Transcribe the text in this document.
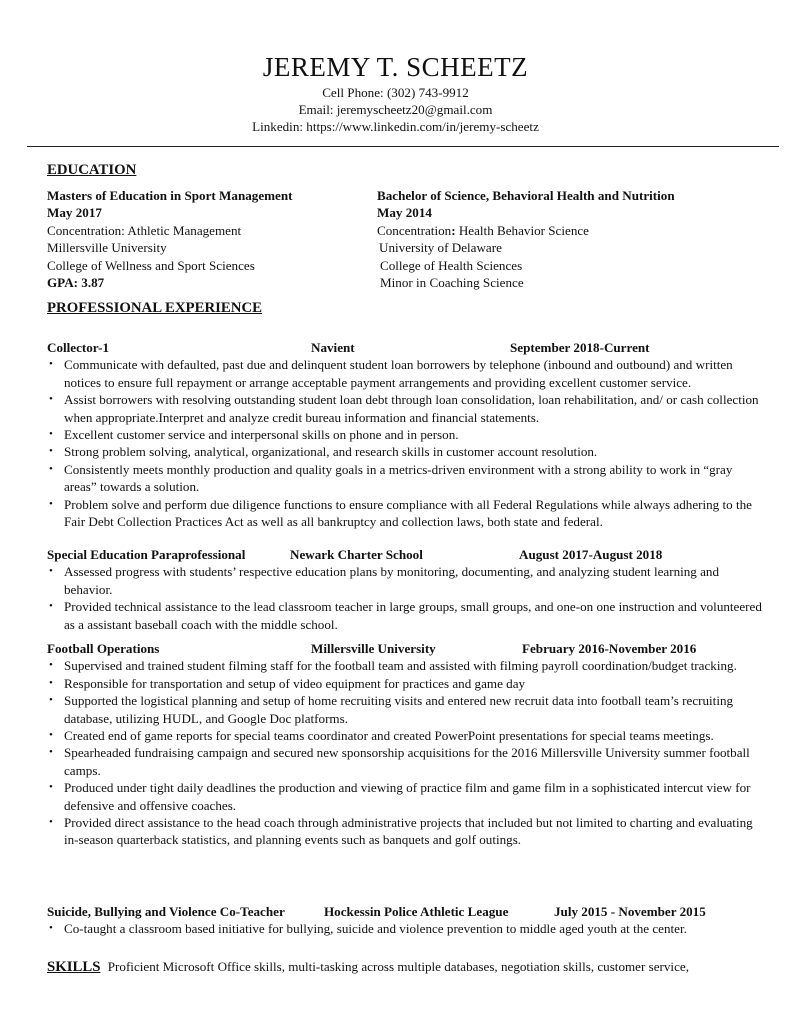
JEREMY T. SCHEETZ
Cell Phone: (302) 743-9912
Email: jeremyscheetz20@gmail.com
Linkedin: https://www.linkedin.com/in/jeremy-scheetz
EDUCATION
Masters of Education in Sport Management
May 2017
Concentration: Athletic Management
Millersville University
College of Wellness and Sport Sciences
GPA: 3.87
Bachelor of Science, Behavioral Health and Nutrition
May 2014
Concentration: Health Behavior Science
University of Delaware
College of Health Sciences
Minor in Coaching Science
PROFESSIONAL EXPERIENCE
Collector-1	Navient	September 2018-Current
• Communicate with defaulted, past due and delinquent student loan borrowers by telephone (inbound and outbound) and written notices to ensure full repayment or arrange acceptable payment arrangements and providing excellent customer service.
• Assist borrowers with resolving outstanding student loan debt through loan consolidation, loan rehabilitation, and/ or cash collection when appropriate.Interpret and analyze credit bureau information and financial statements.
• Excellent customer service and interpersonal skills on phone and in person.
• Strong problem solving, analytical, organizational, and research skills in customer account resolution.
• Consistently meets monthly production and quality goals in a metrics-driven environment with a strong ability to work in “gray areas” towards a solution.
• Problem solve and perform due diligence functions to ensure compliance with all Federal Regulations while always adhering to the Fair Debt Collection Practices Act as well as all bankruptcy and collection laws, both state and federal.
Special Education Paraprofessional	Newark Charter School	August 2017-August 2018
• Assessed progress with students’ respective education plans by monitoring, documenting, and analyzing student learning and behavior.
• Provided technical assistance to the lead classroom teacher in large groups, small groups, and one-on one instruction and volunteered as a assistant baseball coach with the middle school.
Football Operations	Millersville University	February 2016-November 2016
• Supervised and trained student filming staff for the football team and assisted with filming payroll coordination/budget tracking.
• Responsible for transportation and setup of video equipment for practices and game day
• Supported the logistical planning and setup of home recruiting visits and entered new recruit data into football team’s recruiting database, utilizing HUDL, and Google Doc platforms.
• Created end of game reports for special teams coordinator and created PowerPoint presentations for special teams meetings.
• Spearheaded fundraising campaign and secured new sponsorship acquisitions for the 2016 Millersville University summer football camps.
• Produced under tight daily deadlines the production and viewing of practice film and game film in a sophisticated intercut view for defensive and offensive coaches.
• Provided direct assistance to the head coach through administrative projects that included but not limited to charting and evaluating in-season quarterback statistics, and planning events such as banquets and golf outings.
Suicide, Bullying and Violence Co-Teacher	Hockessin Police Athletic League	July 2015 - November 2015
• Co-taught a classroom based initiative for bullying, suicide and violence prevention to middle aged youth at the center.
SKILLS Proficient Microsoft Office skills, multi-tasking across multiple databases, negotiation skills, customer service,
